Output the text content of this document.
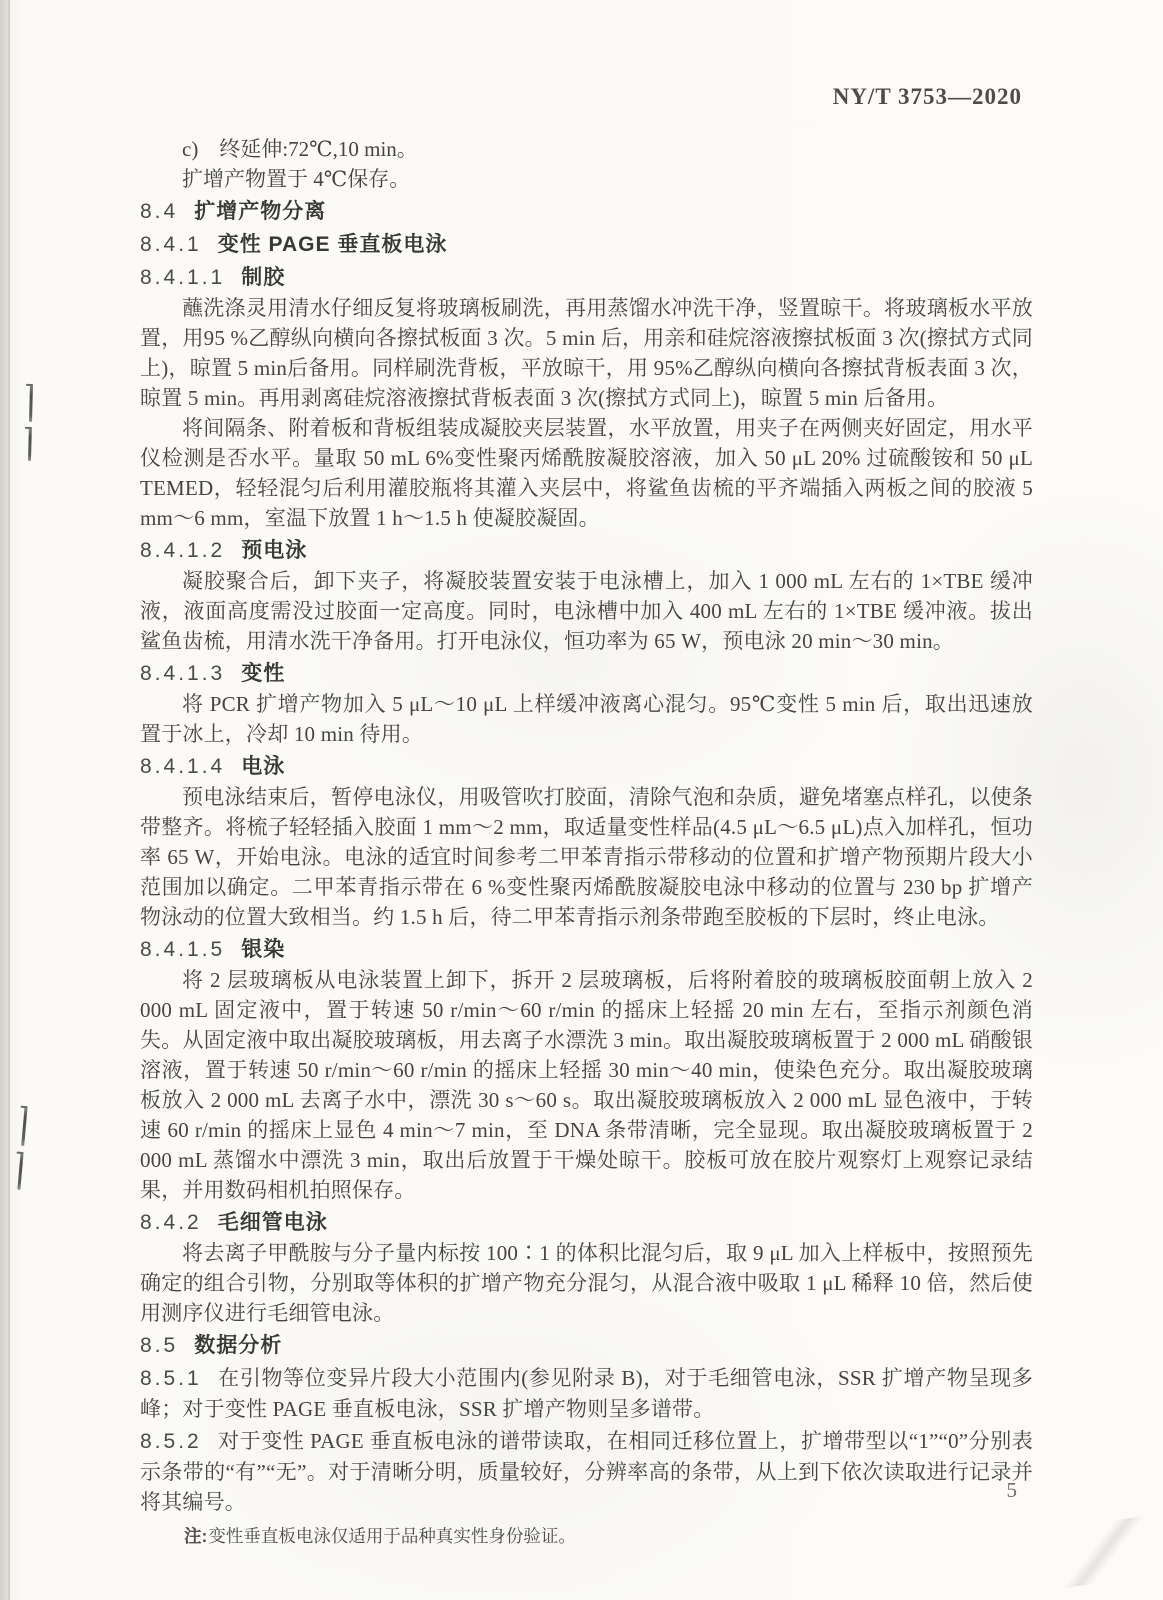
NY/T 3753—2020

c)　终延伸:72℃,10 min。

扩增产物置于 4℃保存。

8.4 扩增产物分离
8.4.1 变性 PAGE 垂直板电泳
8.4.1.1 制胶

蘸洗涤灵用清水仔细反复将玻璃板刷洗，再用蒸馏水冲洗干净，竖置晾干。将玻璃板水平放置，用95 %乙醇纵向横向各擦拭板面 3 次。5 min 后，用亲和硅烷溶液擦拭板面 3 次(擦拭方式同上)，晾置 5 min后备用。同样刷洗背板，平放晾干，用 95%乙醇纵向横向各擦拭背板表面 3 次，晾置 5 min。再用剥离硅烷溶液擦拭背板表面 3 次(擦拭方式同上)，晾置 5 min 后备用。

将间隔条、附着板和背板组装成凝胶夹层装置，水平放置，用夹子在两侧夹好固定，用水平仪检测是否水平。量取 50 mL 6%变性聚丙烯酰胺凝胶溶液，加入 50 μL 20% 过硫酸铵和 50 μL TEMED，轻轻混匀后利用灌胶瓶将其灌入夹层中，将鲨鱼齿梳的平齐端插入两板之间的胶液 5 mm～6 mm，室温下放置 1 h～1.5 h 使凝胶凝固。

8.4.1.2 预电泳

凝胶聚合后，卸下夹子，将凝胶装置安装于电泳槽上，加入 1 000 mL 左右的 1×TBE 缓冲液，液面高度需没过胶面一定高度。同时，电泳槽中加入 400 mL 左右的 1×TBE 缓冲液。拔出鲨鱼齿梳，用清水洗干净备用。打开电泳仪，恒功率为 65 W，预电泳 20 min～30 min。

8.4.1.3 变性

将 PCR 扩增产物加入 5 μL～10 μL 上样缓冲液离心混匀。95℃变性 5 min 后，取出迅速放置于冰上，冷却 10 min 待用。

8.4.1.4 电泳

预电泳结束后，暂停电泳仪，用吸管吹打胶面，清除气泡和杂质，避免堵塞点样孔，以使条带整齐。将梳子轻轻插入胶面 1 mm～2 mm，取适量变性样品(4.5 μL～6.5 μL)点入加样孔，恒功率 65 W，开始电泳。电泳的适宜时间参考二甲苯青指示带移动的位置和扩增产物预期片段大小范围加以确定。二甲苯青指示带在 6 %变性聚丙烯酰胺凝胶电泳中移动的位置与 230 bp 扩增产物泳动的位置大致相当。约 1.5 h 后，待二甲苯青指示剂条带跑至胶板的下层时，终止电泳。

8.4.1.5 银染

将 2 层玻璃板从电泳装置上卸下，拆开 2 层玻璃板，后将附着胶的玻璃板胶面朝上放入 2 000 mL 固定液中，置于转速 50 r/min～60 r/min 的摇床上轻摇 20 min 左右，至指示剂颜色消失。从固定液中取出凝胶玻璃板，用去离子水漂洗 3 min。取出凝胶玻璃板置于 2 000 mL 硝酸银溶液，置于转速 50 r/min～60 r/min 的摇床上轻摇 30 min～40 min，使染色充分。取出凝胶玻璃板放入 2 000 mL 去离子水中，漂洗 30 s～60 s。取出凝胶玻璃板放入 2 000 mL 显色液中，于转速 60 r/min 的摇床上显色 4 min～7 min，至 DNA 条带清晰，完全显现。取出凝胶玻璃板置于 2 000 mL 蒸馏水中漂洗 3 min，取出后放置于干燥处晾干。胶板可放在胶片观察灯上观察记录结果，并用数码相机拍照保存。

8.4.2 毛细管电泳

将去离子甲酰胺与分子量内标按 100∶1 的体积比混匀后，取 9 μL 加入上样板中，按照预先确定的组合引物，分别取等体积的扩增产物充分混匀，从混合液中吸取 1 μL 稀释 10 倍，然后使用测序仪进行毛细管电泳。

8.5 数据分析

8.5.1 在引物等位变异片段大小范围内(参见附录 B)，对于毛细管电泳，SSR 扩增产物呈现多峰；对于变性 PAGE 垂直板电泳，SSR 扩增产物则呈多谱带。

8.5.2 对于变性 PAGE 垂直板电泳的谱带读取，在相同迁移位置上，扩增带型以“1”“0”分别表示条带的“有”“无”。对于清晰分明，质量较好，分辨率高的条带，从上到下依次读取进行记录并将其编号。

注:变性垂直板电泳仅适用于品种真实性身份验证。

5
